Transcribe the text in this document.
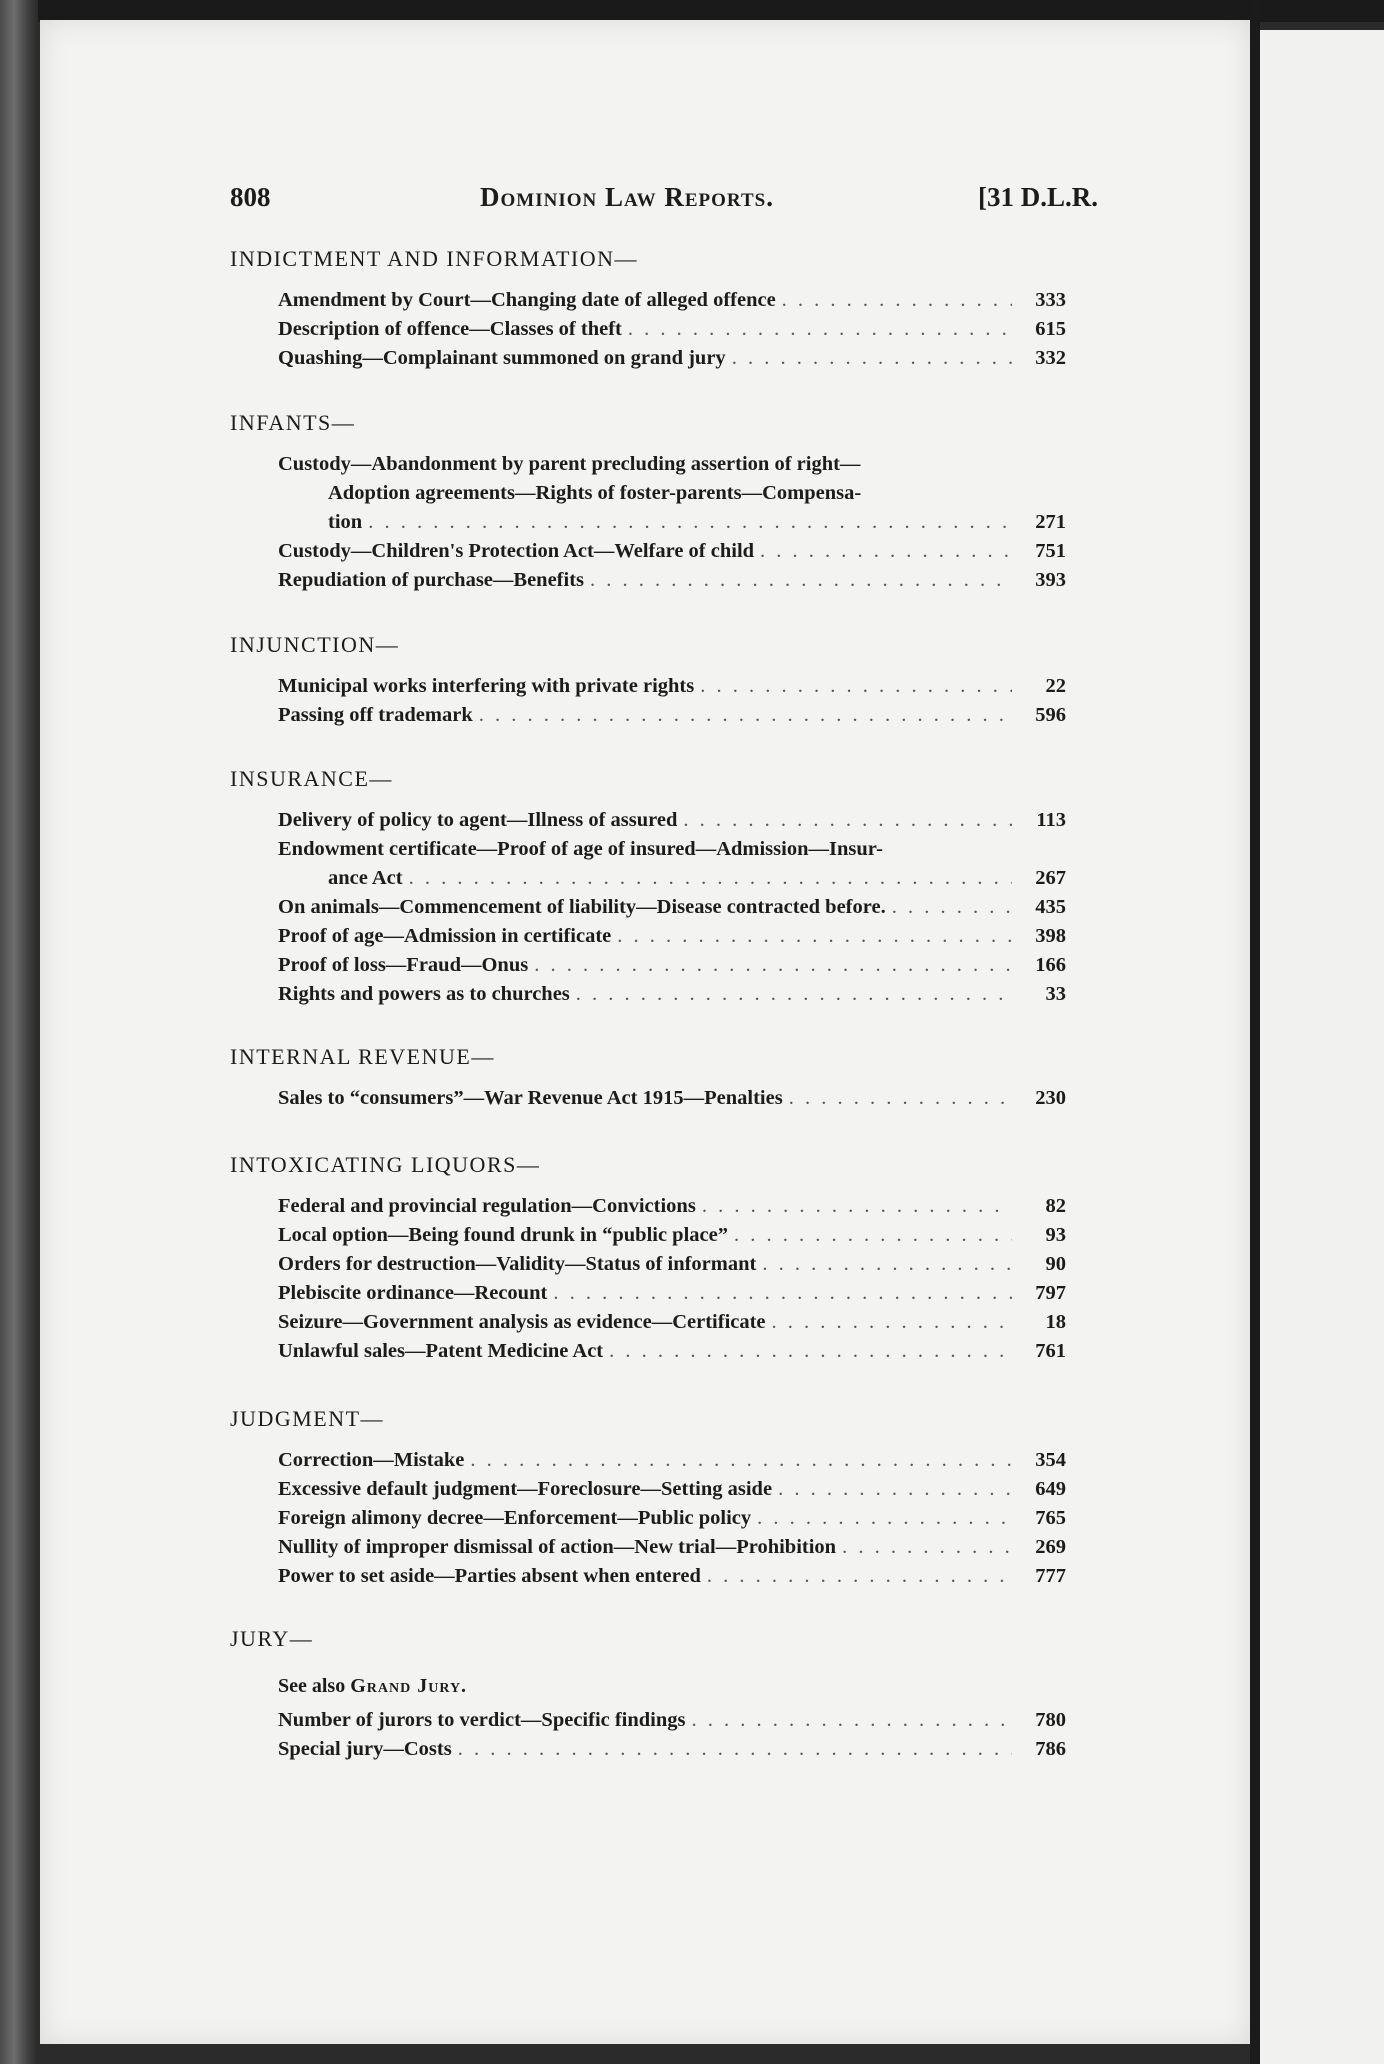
808	Dominion Law Reports.	[31 D.L.R.
INDICTMENT AND INFORMATION—
Amendment by Court—Changing date of alleged offence . . .	333
Description of offence—Classes of theft . . .	615
Quashing—Complainant summoned on grand jury . . .	332
INFANTS—
Custody—Abandonment by parent precluding assertion of right—
Adoption agreements—Rights of foster-parents—Compensa-
tion . . .	271
Custody—Children's Protection Act—Welfare of child . . .	751
Repudiation of purchase—Benefits . . .	393
INJUNCTION—
Municipal works interfering with private rights . . .	22
Passing off trademark . . .	596
INSURANCE—
Delivery of policy to agent—Illness of assured . . .	113
Endowment certificate—Proof of age of insured—Admission—Insur-
ance Act . . .	267
On animals—Commencement of liability—Disease contracted before. . . .	435
Proof of age—Admission in certificate . . .	398
Proof of loss—Fraud—Onus . . .	166
Rights and powers as to churches . . .	33
INTERNAL REVENUE—
Sales to “consumers”—War Revenue Act 1915—Penalties . . .	230
INTOXICATING LIQUORS—
Federal and provincial regulation—Convictions . . .	82
Local option—Being found drunk in “public place” . . .	93
Orders for destruction—Validity—Status of informant . . .	90
Plebiscite ordinance—Recount . . .	797
Seizure—Government analysis as evidence—Certificate . . .	18
Unlawful sales—Patent Medicine Act . . .	761
JUDGMENT—
Correction—Mistake . . .	354
Excessive default judgment—Foreclosure—Setting aside . . .	649
Foreign alimony decree—Enforcement—Public policy . . .	765
Nullity of improper dismissal of action—New trial—Prohibition . . .	269
Power to set aside—Parties absent when entered . . .	777
JURY—
See also Grand Jury.
Number of jurors to verdict—Specific findings . . .	780
Special jury—Costs . . .	786
